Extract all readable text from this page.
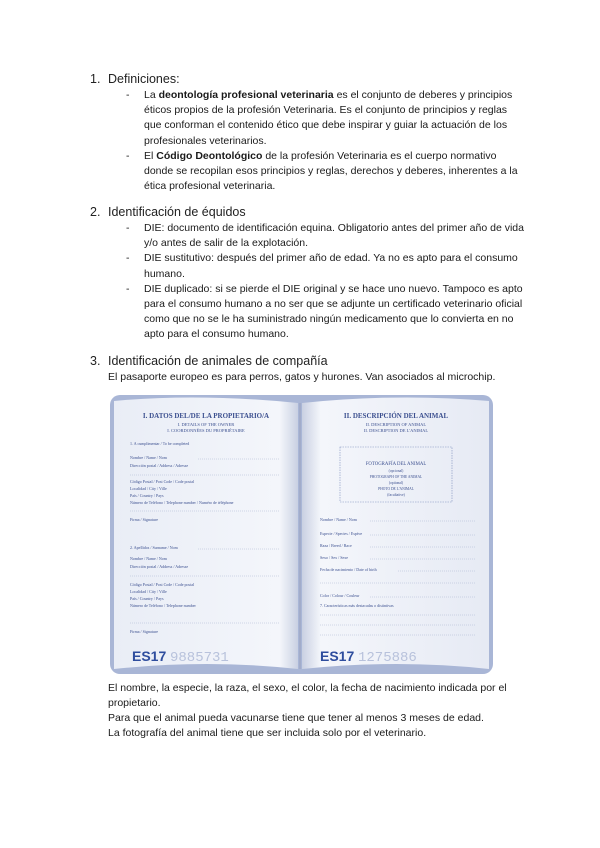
1. Definiciones:
- La deontología profesional veterinaria es el conjunto de deberes y principios éticos propios de la profesión Veterinaria. Es el conjunto de principios y reglas que conforman el contenido ético que debe inspirar y guiar la actuación de los profesionales veterinarios.
- El Código Deontológico de la profesión Veterinaria es el cuerpo normativo donde se recopilan esos principios y reglas, derechos y deberes, inherentes a la ética profesional veterinaria.
2. Identificación de équidos
- DIE: documento de identificación equina. Obligatorio antes del primer año de vida y/o antes de salir de la explotación.
- DIE sustitutivo: después del primer año de edad. Ya no es apto para el consumo humano.
- DIE duplicado: si se pierde el DIE original y se hace uno nuevo. Tampoco es apto para el consumo humano a no ser que se adjunte un certificado veterinario oficial como que no se le ha suministrado ningún medicamento que lo convierta en no apto para el consumo humano.
3. Identificación de animales de compañía
El pasaporte europeo es para perros, gatos y hurones. Van asociados al microchip.
I. DATOS DEL/DE LA PROPIETARIO/A
I. DETAILS OF THE OWNER
I. COORDONNÉES DU PROPRIÉTAIRE
1. A cumplimentar / To be completed
Nombre / Name / Nom
Dirección postal / Address / Adresse
Código Postal / Post Code / Code postal
Localidad / City / Ville
País / Country / Pays
Número de Teléfono / Telephone number / Numéro de téléphone
Firma / Signature
2. Apellidos / Surname / Nom
Nombre / Name / Nom
Dirección postal / Address / Adresse
Código Postal / Post Code / Code postal
Localidad / City / Ville
País / Country / Pays
Número de Teléfono / Telephone number
Firma / Signature
ES17 9885731
II. DESCRIPCIÓN DEL ANIMAL
II. DESCRIPTION OF ANIMAL
II. DESCRIPTION DE L'ANIMAL
FOTOGRAFÍA DEL ANIMAL
(opcional)
PHOTOGRAPH OF THE ANIMAL
(optional)
PHOTO DE L'ANIMAL
(facultative)
Nombre / Name / Nom
Especie / Species / Espèce
Raza / Breed / Race
Sexo / Sex / Sexe
Fecha de nacimiento / Date of birth
Color / Colour / Couleur
7. Características más destacadas o distintivas
ES17 1275886
El nombre, la especie, la raza, el sexo, el color, la fecha de nacimiento indicada por el propietario.
Para que el animal pueda vacunarse tiene que tener al menos 3 meses de edad.
La fotografía del animal tiene que ser incluida solo por el veterinario.
